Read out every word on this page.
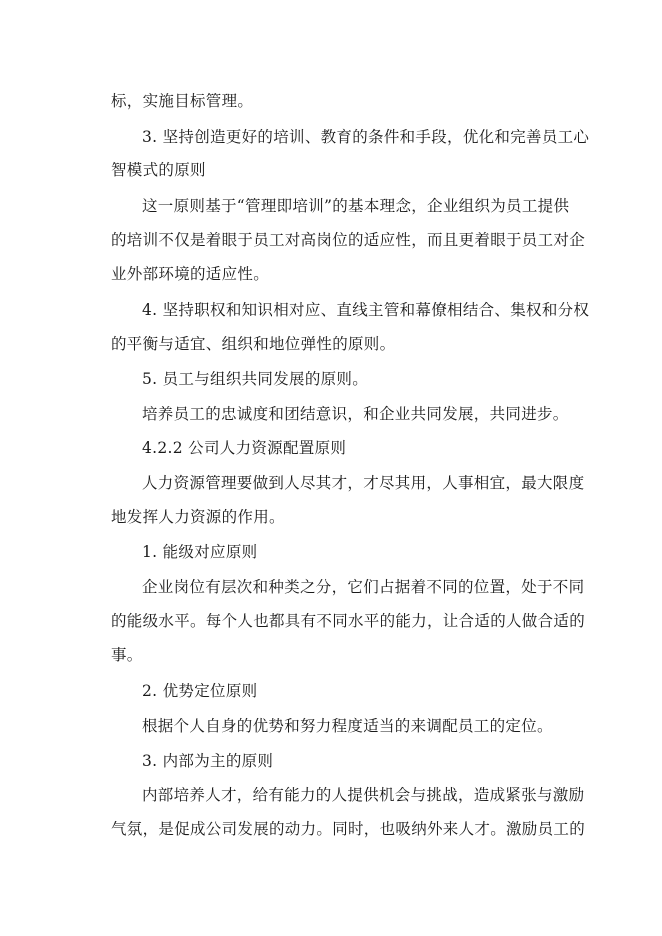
标，实施目标管理。
3. 坚持创造更好的培训、教育的条件和手段，优化和完善员工心
智模式的原则
这一原则基于“管理即培训”的基本理念，企业组织为员工提供
的培训不仅是着眼于员工对高岗位的适应性，而且更着眼于员工对企
业外部环境的适应性。
4. 坚持职权和知识相对应、直线主管和幕僚相结合、集权和分权
的平衡与适宜、组织和地位弹性的原则。
5. 员工与组织共同发展的原则。
培养员工的忠诚度和团结意识，和企业共同发展，共同进步。
4.2.2 公司人力资源配置原则
人力资源管理要做到人尽其才，才尽其用，人事相宜，最大限度
地发挥人力资源的作用。
1. 能级对应原则
企业岗位有层次和种类之分，它们占据着不同的位置，处于不同
的能级水平。每个人也都具有不同水平的能力，让合适的人做合适的
事。
2. 优势定位原则
根据个人自身的优势和努力程度适当的来调配员工的定位。
3. 内部为主的原则
内部培养人才，给有能力的人提供机会与挑战，造成紧张与激励
气氛，是促成公司发展的动力。同时，也吸纳外来人才。激励员工的
